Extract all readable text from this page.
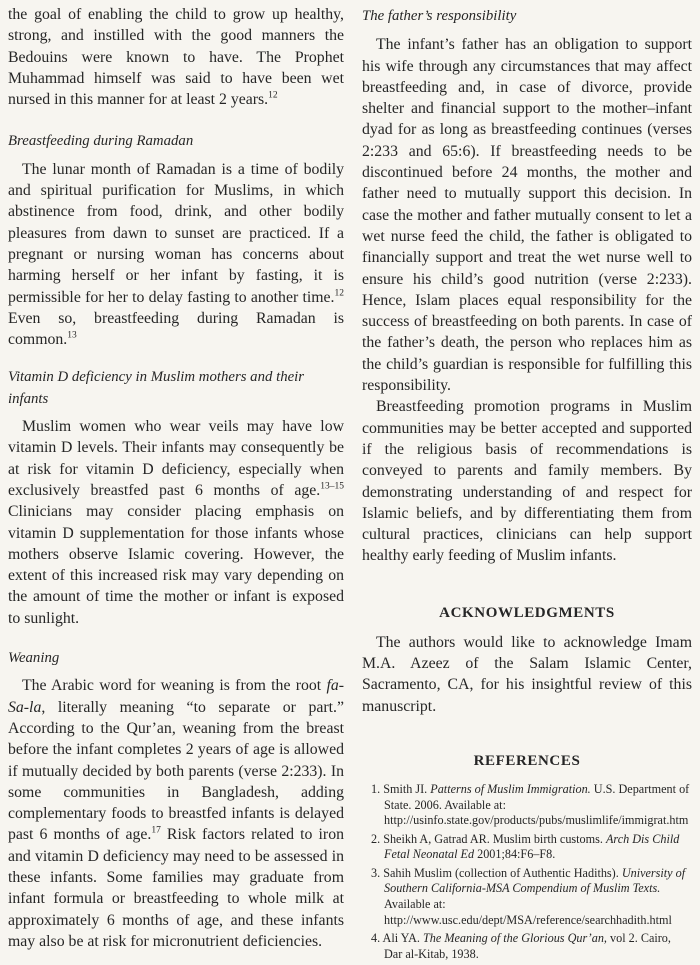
the goal of enabling the child to grow up healthy, strong, and instilled with the good manners the Bedouins were known to have. The Prophet Muhammad himself was said to have been wet nursed in this manner for at least 2 years.$^{12}$

Breastfeeding during Ramadan

The lunar month of Ramadan is a time of bodily and spiritual purification for Muslims, in which abstinence from food, drink, and other bodily pleasures from dawn to sunset are practiced. If a pregnant or nursing woman has concerns about harming herself or her infant by fasting, it is permissible for her to delay fasting to another time.$^{12}$ Even so, breastfeeding during Ramadan is common.$^{13}$

Vitamin D deficiency in Muslim mothers and their infants

Muslim women who wear veils may have low vitamin D levels. Their infants may consequently be at risk for vitamin D deficiency, especially when exclusively breastfed past 6 months of age.$^{13-15}$ Clinicians may consider placing emphasis on vitamin D supplementation for those infants whose mothers observe Islamic covering. However, the extent of this increased risk may vary depending on the amount of time the mother or infant is exposed to sunlight.

Weaning

The Arabic word for weaning is from the root fa-Sa-la, literally meaning “to separate or part.” According to the Qur’an, weaning from the breast before the infant completes 2 years of age is allowed if mutually decided by both parents (verse 2:233). In some communities in Bangladesh, adding complementary foods to breastfed infants is delayed past 6 months of age.$^{17}$ Risk factors related to iron and vitamin D deficiency may need to be assessed in these infants. Some families may graduate from infant formula or breastfeeding to whole milk at approximately 6 months of age, and these infants may also be at risk for micronutrient deficiencies.

The father’s responsibility

The infant’s father has an obligation to support his wife through any circumstances that may affect breastfeeding and, in case of divorce, provide shelter and financial support to the mother–infant dyad for as long as breastfeeding continues (verses 2:233 and 65:6). If breastfeeding needs to be discontinued before 24 months, the mother and father need to mutually support this decision. In case the mother and father mutually consent to let a wet nurse feed the child, the father is obligated to financially support and treat the wet nurse well to ensure his child’s good nutrition (verse 2:233). Hence, Islam places equal responsibility for the success of breastfeeding on both parents. In case of the father’s death, the person who replaces him as the child’s guardian is responsible for fulfilling this responsibility.

Breastfeeding promotion programs in Muslim communities may be better accepted and supported if the religious basis of recommendations is conveyed to parents and family members. By demonstrating understanding of and respect for Islamic beliefs, and by differentiating them from cultural practices, clinicians can help support healthy early feeding of Muslim infants.

ACKNOWLEDGMENTS

The authors would like to acknowledge Imam M.A. Azeez of the Salam Islamic Center, Sacramento, CA, for his insightful review of this manuscript.

REFERENCES
1. Smith JI. Patterns of Muslim Immigration. U.S. Department of State. 2006. Available at: http://usinfo.state.gov/products/pubs/muslimlife/immigrat.htm
2. Sheikh A, Gatrad AR. Muslim birth customs. Arch Dis Child Fetal Neonatal Ed 2001;84:F6–F8.
3. Sahih Muslim (collection of Authentic Hadiths). University of Southern California-MSA Compendium of Muslim Texts. Available at: http://www.usc.edu/dept/MSA/reference/searchhadith.html
4. Ali YA. The Meaning of the Glorious Qur’an, vol 2. Cairo, Dar al-Kitab, 1938.
